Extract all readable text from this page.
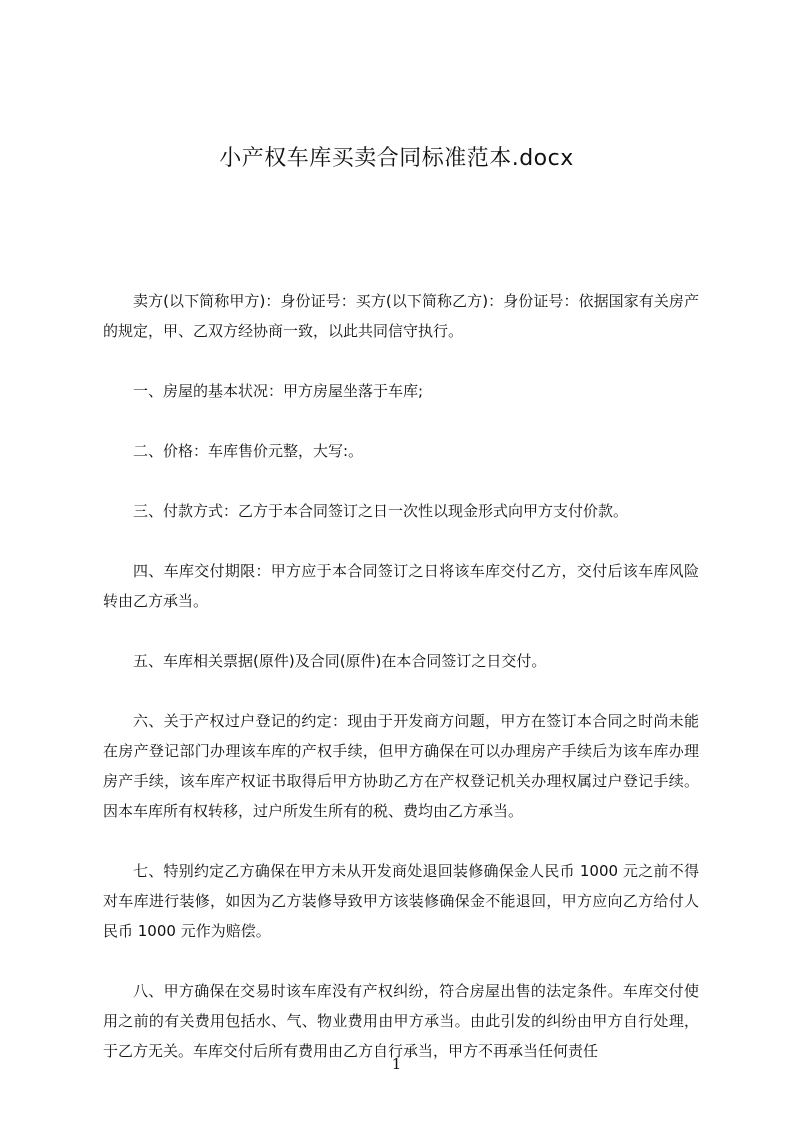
小产权车库买卖合同标准范本.docx

卖方(以下简称甲方)：身份证号：买方(以下简称乙方)：身份证号：依据国家有关房产的规定，甲、乙双方经协商一致，以此共同信守执行。

一、房屋的基本状况：甲方房屋坐落于车库;

二、价格：车库售价元整，大写:。

三、付款方式：乙方于本合同签订之日一次性以现金形式向甲方支付价款。

四、车库交付期限：甲方应于本合同签订之日将该车库交付乙方，交付后该车库风险转由乙方承当。

五、车库相关票据(原件)及合同(原件)在本合同签订之日交付。

六、关于产权过户登记的约定：现由于开发商方问题，甲方在签订本合同之时尚未能在房产登记部门办理该车库的产权手续，但甲方确保在可以办理房产手续后为该车库办理房产手续，该车库产权证书取得后甲方协助乙方在产权登记机关办理权属过户登记手续。因本车库所有权转移，过户所发生所有的税、费均由乙方承当。

七、特别约定乙方确保在甲方未从开发商处退回装修确保金人民币 1000 元之前不得对车库进行装修，如因为乙方装修导致甲方该装修确保金不能退回，甲方应向乙方给付人民币 1000 元作为赔偿。

八、甲方确保在交易时该车库没有产权纠纷，符合房屋出售的法定条件。车库交付使用之前的有关费用包括水、气、物业费用由甲方承当。由此引发的纠纷由甲方自行处理，于乙方无关。车库交付后所有费用由乙方自行承当，甲方不再承当任何责任

1
